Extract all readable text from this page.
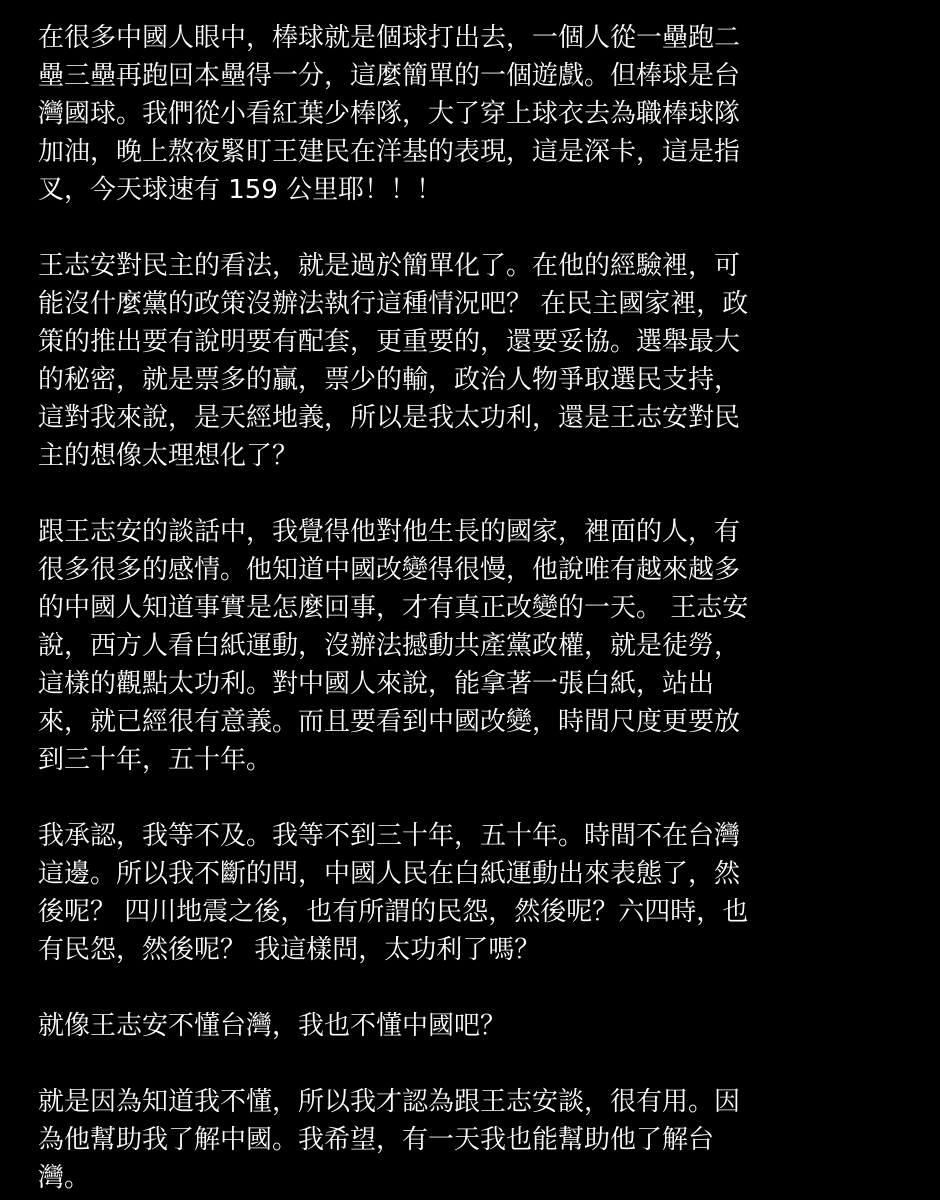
在很多中國人眼中，棒球就是個球打出去，一個人從一壘跑二
壘三壘再跑回本壘得一分，這麼簡單的一個遊戲。但棒球是台
灣國球。我們從小看紅葉少棒隊，大了穿上球衣去為職棒球隊
加油，晚上熬夜緊盯王建民在洋基的表現，這是深卡，這是指
叉，今天球速有 159 公里耶！！！

王志安對民主的看法，就是過於簡單化了。在他的經驗裡，可
能沒什麼黨的政策沒辦法執行這種情況吧？ 在民主國家裡，政
策的推出要有說明要有配套，更重要的，還要妥協。選舉最大
的秘密，就是票多的贏，票少的輸，政治人物爭取選民支持，
這對我來說，是天經地義，所以是我太功利，還是王志安對民
主的想像太理想化了？

跟王志安的談話中，我覺得他對他生長的國家，裡面的人，有
很多很多的感情。他知道中國改變得很慢，他說唯有越來越多
的中國人知道事實是怎麼回事，才有真正改變的一天。 王志安
說，西方人看白紙運動，沒辦法撼動共產黨政權，就是徒勞，
這樣的觀點太功利。對中國人來說，能拿著一張白紙，站出
來，就已經很有意義。而且要看到中國改變，時間尺度更要放
到三十年，五十年。

我承認，我等不及。我等不到三十年，五十年。時間不在台灣
這邊。所以我不斷的問，中國人民在白紙運動出來表態了，然
後呢？ 四川地震之後，也有所謂的民怨，然後呢？六四時，也
有民怨，然後呢？ 我這樣問，太功利了嗎？

就像王志安不懂台灣，我也不懂中國吧？

就是因為知道我不懂，所以我才認為跟王志安談，很有用。因
為他幫助我了解中國。我希望，有一天我也能幫助他了解台
灣。
